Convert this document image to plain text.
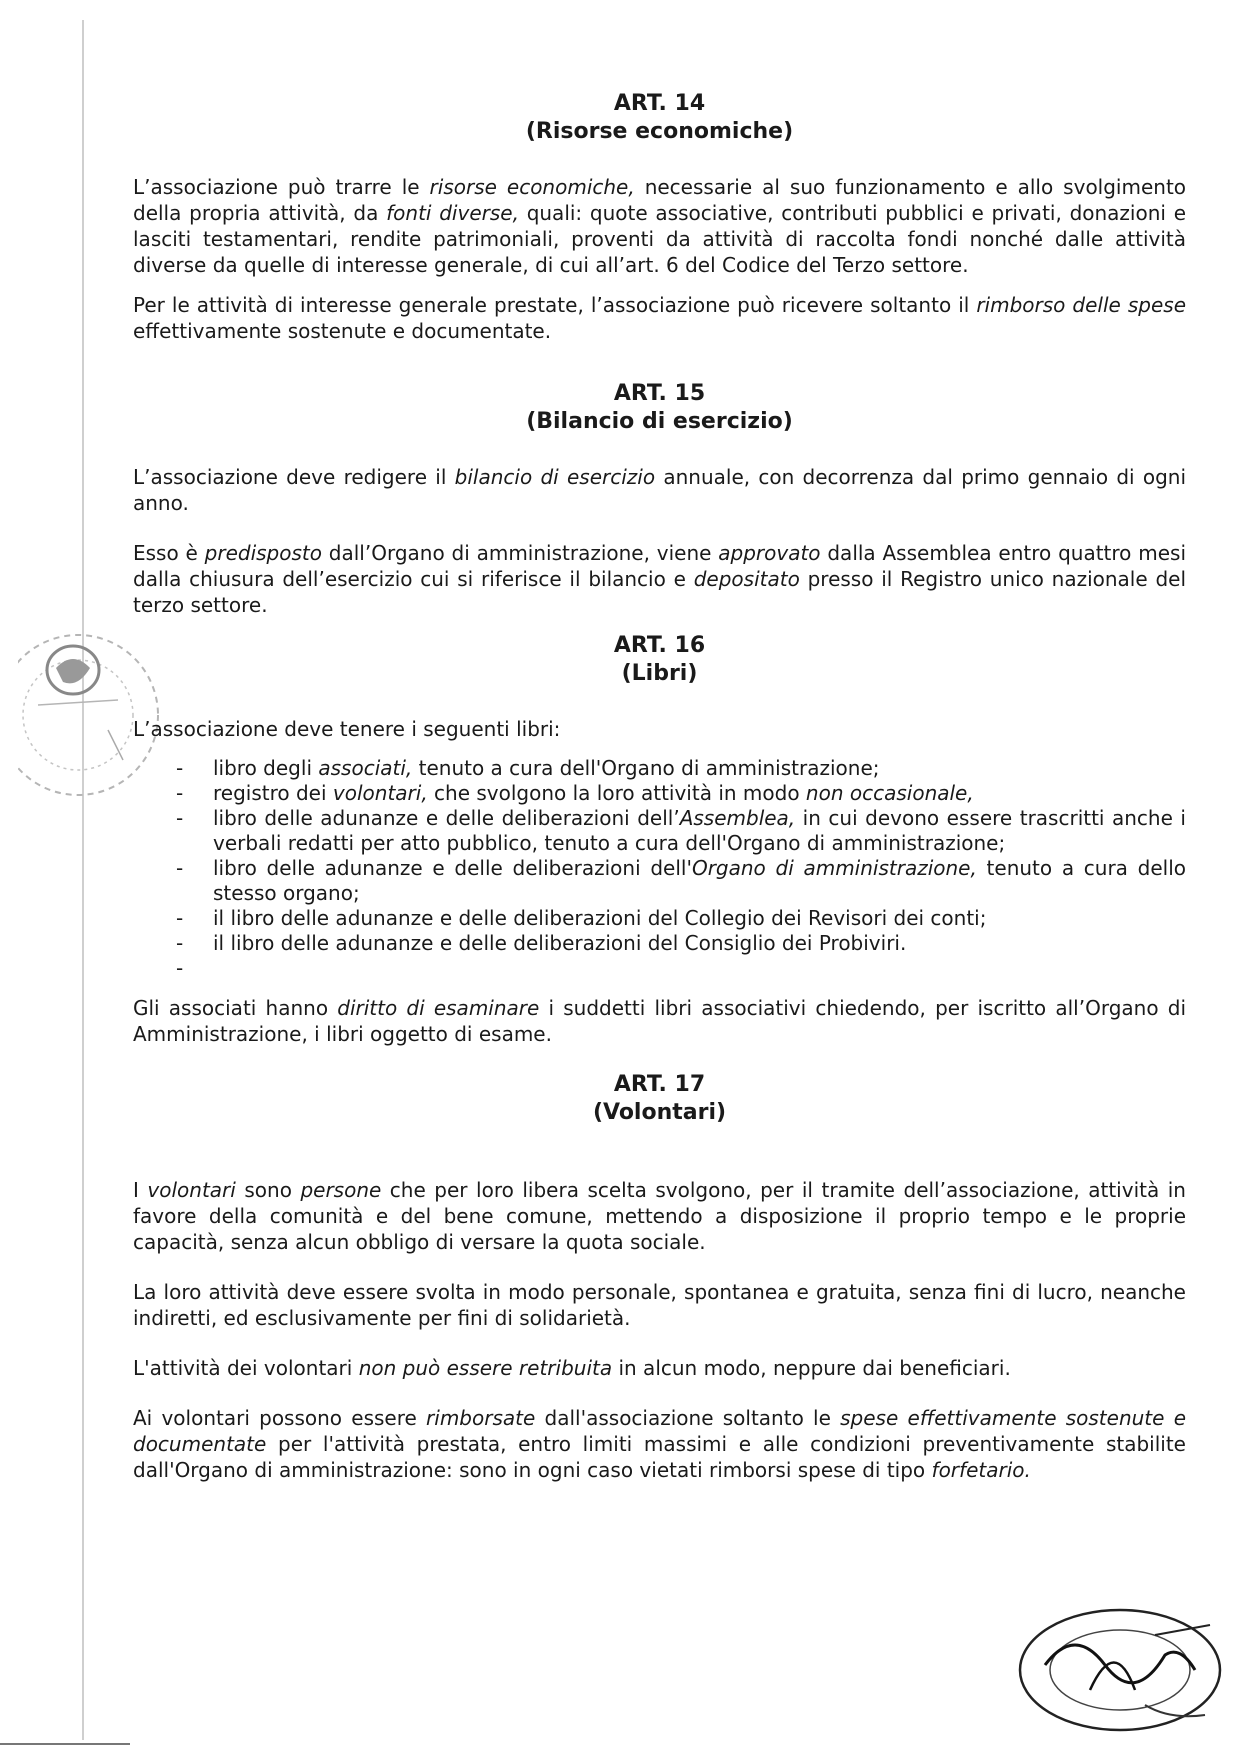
ART. 14
(Risorse economiche)

L’associazione può trarre le risorse economiche, necessarie al suo funzionamento e allo svolgimento della propria attività, da fonti diverse, quali: quote associative, contributi pubblici e privati, donazioni e lasciti testamentari, rendite patrimoniali, proventi da attività di raccolta fondi nonché dalle attività diverse da quelle di interesse generale, di cui all’art. 6 del Codice del Terzo settore.

Per le attività di interesse generale prestate, l’associazione può ricevere soltanto il rimborso delle spese effettivamente sostenute e documentate.

ART. 15
(Bilancio di esercizio)

L’associazione deve redigere il bilancio di esercizio annuale, con decorrenza dal primo gennaio di ogni anno.

Esso è predisposto dall’Organo di amministrazione, viene approvato dalla Assemblea entro quattro mesi dalla chiusura dell’esercizio cui si riferisce il bilancio e depositato presso il Registro unico nazionale del terzo settore.

ART. 16
(Libri)

L’associazione deve tenere i seguenti libri:

- libro degli associati, tenuto a cura dell'Organo di amministrazione;
- registro dei volontari, che svolgono la loro attività in modo non occasionale,
- libro delle adunanze e delle deliberazioni dell’Assemblea, in cui devono essere trascritti anche i verbali redatti per atto pubblico, tenuto a cura dell'Organo di amministrazione;
- libro delle adunanze e delle deliberazioni dell'Organo di amministrazione, tenuto a cura dello stesso organo;
- il libro delle adunanze e delle deliberazioni del Collegio dei Revisori dei conti;
- il libro delle adunanze e delle deliberazioni del Consiglio dei Probiviri.
-

Gli associati hanno diritto di esaminare i suddetti libri associativi chiedendo, per iscritto all’Organo di Amministrazione, i libri oggetto di esame.

ART. 17
(Volontari)

I volontari sono persone che per loro libera scelta svolgono, per il tramite dell’associazione, attività in favore della comunità e del bene comune, mettendo a disposizione il proprio tempo e le proprie capacità, senza alcun obbligo di versare la quota sociale.

La loro attività deve essere svolta in modo personale, spontanea e gratuita, senza fini di lucro, neanche indiretti, ed esclusivamente per fini di solidarietà.

L'attività dei volontari non può essere retribuita in alcun modo, neppure dai beneficiari.

Ai volontari possono essere rimborsate dall'associazione soltanto le spese effettivamente sostenute e documentate per l'attività prestata, entro limiti massimi e alle condizioni preventivamente stabilite dall'Organo di amministrazione: sono in ogni caso vietati rimborsi spese di tipo forfetario.
